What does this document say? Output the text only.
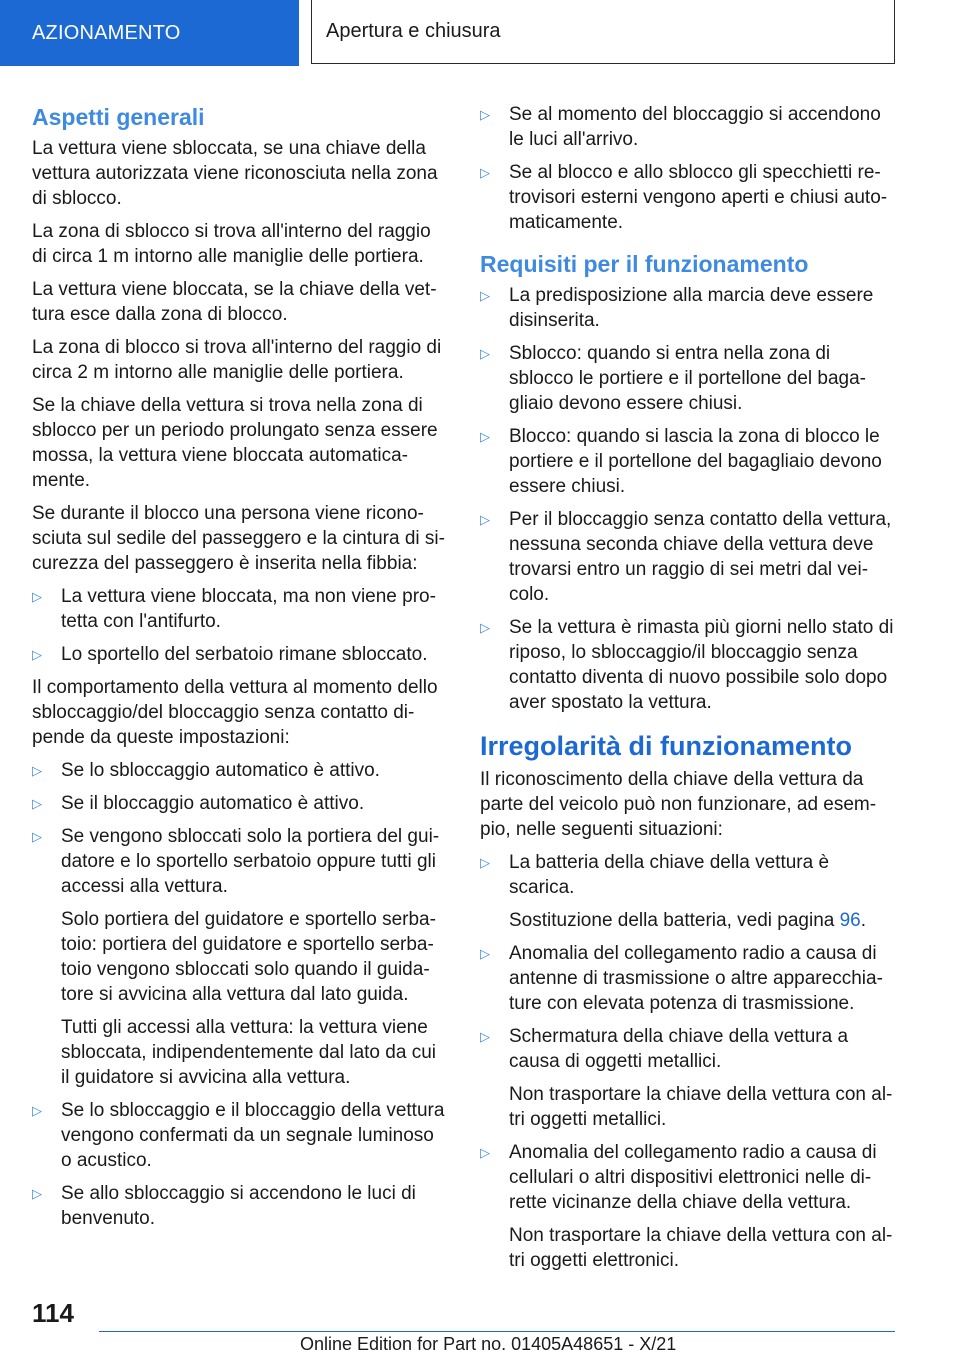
AZIONAMENTO	Apertura e chiusura
Aspetti generali

La vettura viene sbloccata, se una chiave della vettura autorizzata viene riconosciuta nella zona di sblocco.

La zona di sblocco si trova all'interno del raggio di circa 1 m intorno alle maniglie delle portiera.

La vettura viene bloccata, se la chiave della vettura esce dalla zona di blocco.

La zona di blocco si trova all'interno del raggio di circa 2 m intorno alle maniglie delle portiera.

Se la chiave della vettura si trova nella zona di sblocco per un periodo prolungato senza essere mossa, la vettura viene bloccata automaticamente.

Se durante il blocco una persona viene riconosciuta sul sedile del passeggero e la cintura di sicurezza del passeggero è inserita nella fibbia:

▷ La vettura viene bloccata, ma non viene protetta con l'antifurto.
▷ Lo sportello del serbatoio rimane sbloccato.

Il comportamento della vettura al momento dello sbloccaggio/del bloccaggio senza contatto dipende da queste impostazioni:

▷ Se lo sbloccaggio automatico è attivo.
▷ Se il bloccaggio automatico è attivo.
▷ Se vengono sbloccati solo la portiera del guidatore e lo sportello serbatoio oppure tutti gli accessi alla vettura.
Solo portiera del guidatore e sportello serbatoio: portiera del guidatore e sportello serbatoio vengono sbloccati solo quando il guidatore si avvicina alla vettura dal lato guida.
Tutti gli accessi alla vettura: la vettura viene sbloccata, indipendentemente dal lato da cui il guidatore si avvicina alla vettura.
▷ Se lo sbloccaggio e il bloccaggio della vettura vengono confermati da un segnale luminoso o acustico.
▷ Se allo sbloccaggio si accendono le luci di benvenuto.
▷ Se al momento del bloccaggio si accendono le luci all'arrivo.
▷ Se al blocco e allo sblocco gli specchietti retrovisori esterni vengono aperti e chiusi automaticamente.
Requisiti per il funzionamento
▷ La predisposizione alla marcia deve essere disinserita.
▷ Sblocco: quando si entra nella zona di sblocco le portiere e il portellone del bagagliaio devono essere chiusi.
▷ Blocco: quando si lascia la zona di blocco le portiere e il portellone del bagagliaio devono essere chiusi.
▷ Per il bloccaggio senza contatto della vettura, nessuna seconda chiave della vettura deve trovarsi entro un raggio di sei metri dal veicolo.
▷ Se la vettura è rimasta più giorni nello stato di riposo, lo sbloccaggio/il bloccaggio senza contatto diventa di nuovo possibile solo dopo aver spostato la vettura.
Irregolarità di funzionamento

Il riconoscimento della chiave della vettura da parte del veicolo può non funzionare, ad esempio, nelle seguenti situazioni:

▷ La batteria della chiave della vettura è scarica.
Sostituzione della batteria, vedi pagina 96.
▷ Anomalia del collegamento radio a causa di antenne di trasmissione o altre apparecchiature con elevata potenza di trasmissione.
▷ Schermatura della chiave della vettura a causa di oggetti metallici.
Non trasportare la chiave della vettura con altri oggetti metallici.
▷ Anomalia del collegamento radio a causa di cellulari o altri dispositivi elettronici nelle dirette vicinanze della chiave della vettura.
Non trasportare la chiave della vettura con altri oggetti elettronici.
114
Online Edition for Part no. 01405A48651 - X/21
